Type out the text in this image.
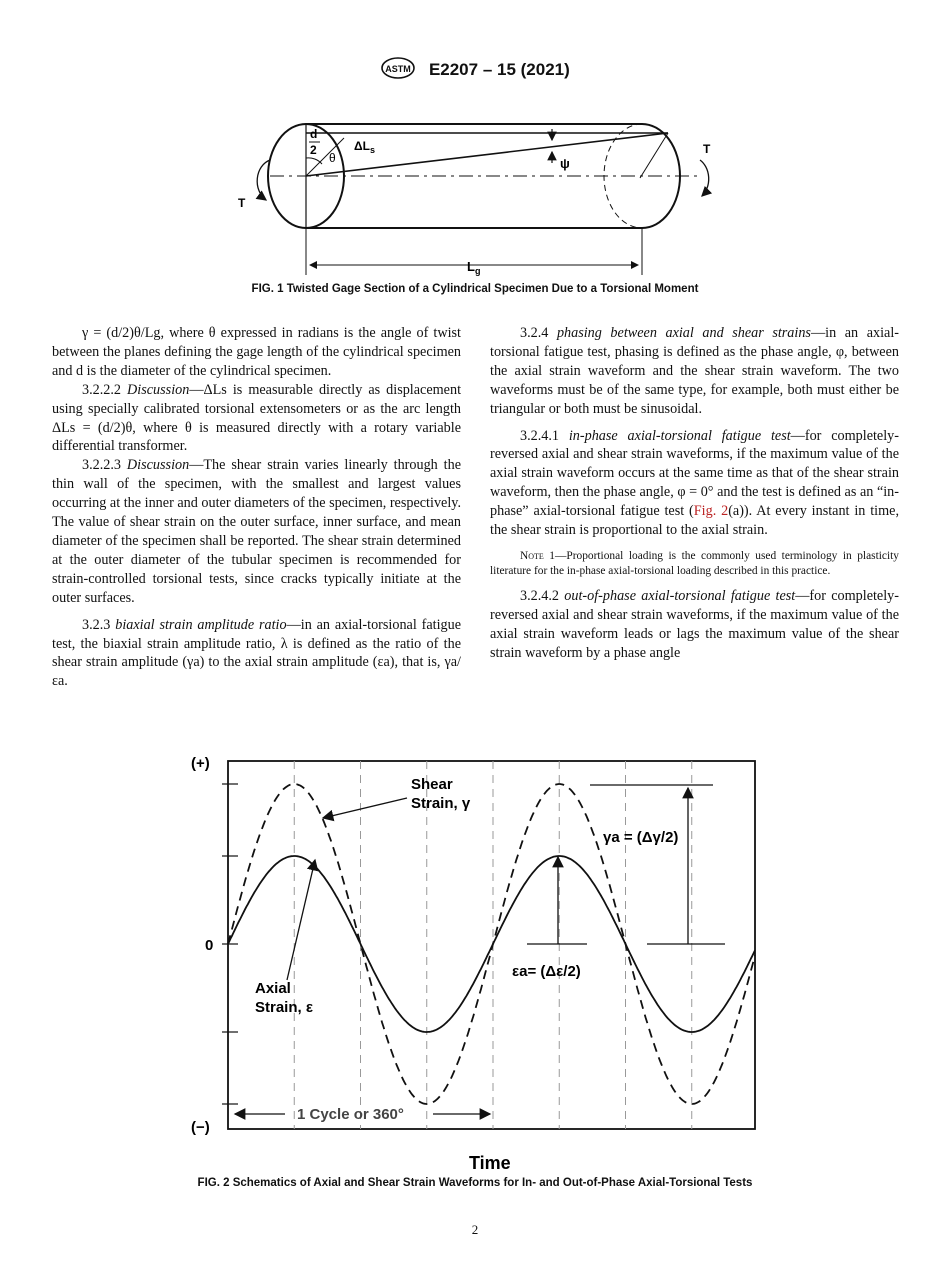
ASTM E2207 – 15 (2021)
d
2
θ
$\Delta L_s$
ψ
T
T
$L_g$
FIG. 1 Twisted Gage Section of a Cylindrical Specimen Due to a Torsional Moment

γ = (d/2)θ/Lg, where θ expressed in radians is the angle of twist between the planes defining the gage length of the cylindrical specimen and d is the diameter of the cylindrical specimen.

3.2.2.2 Discussion—ΔLs is measurable directly as displacement using specially calibrated torsional extensometers or as the arc length ΔLs = (d/2)θ, where θ is measured directly with a rotary variable differential transformer.

3.2.2.3 Discussion—The shear strain varies linearly through the thin wall of the specimen, with the smallest and largest values occurring at the inner and outer diameters of the specimen, respectively. The value of shear strain on the outer surface, inner surface, and mean diameter of the specimen shall be reported. The shear strain determined at the outer diameter of the tubular specimen is recommended for strain-controlled torsional tests, since cracks typically initiate at the outer surfaces.

3.2.3 biaxial strain amplitude ratio—in an axial-torsional fatigue test, the biaxial strain amplitude ratio, λ is defined as the ratio of the shear strain amplitude (γa) to the axial strain amplitude (εa), that is, γa/εa.

3.2.4 phasing between axial and shear strains—in an axial-torsional fatigue test, phasing is defined as the phase angle, φ, between the axial strain waveform and the shear strain waveform. The two waveforms must be of the same type, for example, both must either be triangular or both must be sinusoidal.

3.2.4.1 in-phase axial-torsional fatigue test—for completely-reversed axial and shear strain waveforms, if the maximum value of the axial strain waveform occurs at the same time as that of the shear strain waveform, then the phase angle, φ = 0° and the test is defined as an “in-phase” axial-torsional fatigue test (Fig. 2(a)). At every instant in time, the shear strain is proportional to the axial strain.

Note 1—Proportional loading is the commonly used terminology in plasticity literature for the in-phase axial-torsional loading described in this practice.

3.2.4.2 out-of-phase axial-torsional fatigue test—for completely-reversed axial and shear strain waveforms, if the maximum value of the axial strain waveform leads or lags the maximum value of the shear strain waveform by a phase angle

(+)
0
(−)
Shear
Strain, γ
Axial
Strain, ε
γa = (Δγ/2)
εa= (Δε/2)
1 Cycle or 360°
Time
FIG. 2 Schematics of Axial and Shear Strain Waveforms for In- and Out-of-Phase Axial-Torsional Tests
2
